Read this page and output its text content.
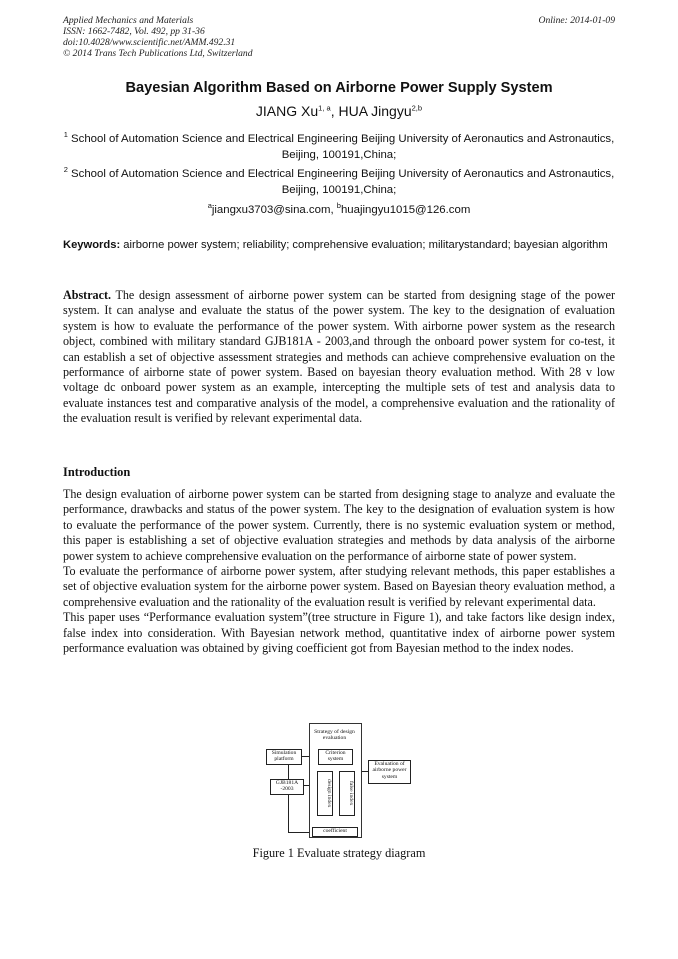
Applied Mechanics and Materials
ISSN: 1662-7482, Vol. 492, pp 31-36
doi:10.4028/www.scientific.net/AMM.492.31
© 2014 Trans Tech Publications Ltd, Switzerland
Online: 2014-01-09
Bayesian Algorithm Based on Airborne Power Supply System
JIANG Xu$^{1, a}$, HUA Jingyu$^{2,b}$
$^1$ School of Automation Science and Electrical Engineering Beijing University of Aeronautics and Astronautics, Beijing, 100191,China;
$^2$ School of Automation Science and Electrical Engineering Beijing University of Aeronautics and Astronautics, Beijing, 100191,China;
$^a$jiangxu3703@sina.com, $^b$huajingyu1015@126.com
Keywords: airborne power system; reliability; comprehensive evaluation; militarystandard; bayesian algorithm
Abstract. The design assessment of airborne power system can be started from designing stage of the power system. It can analyse and evaluate the status of the power system. The key to the designation of evaluation system is how to evaluate the performance of the power system. With airborne power system as the research object, combined with military standard GJB181A - 2003,and through the onboard power system for co-test, it can establish a set of objective assessment strategies and methods can achieve comprehensive evaluation on the performance of airborne state of power system. Based on bayesian theory evaluation method. With 28 v low voltage dc onboard power system as an example, intercepting the multiple sets of test and analysis data to evaluate instances test and comparative analysis of the model, a comprehensive evaluation and the rationality of the evaluation result is verified by relevant experimental data.
Introduction
The design evaluation of airborne power system can be started from designing stage to analyze and evaluate the performance, drawbacks and status of the power system. The key to the designation of evaluation system is how to evaluate the performance of the power system. Currently, there is no systemic evaluation system or method, this paper is establishing a set of objective evaluation strategies and methods by data analysis of the airborne power system to achieve comprehensive evaluation on the performance of airborne state of power system.
To evaluate the performance of airborne power system, after studying relevant methods, this paper establishes a set of objective evaluation system for the airborne power system. Based on Bayesian theory evaluation method, a comprehensive evaluation and the rationality of the evaluation result is verified by relevant experimental data.
This paper uses “Performance evaluation system”(tree structure in Figure 1), and take factors like design index, false index into consideration. With Bayesian network method, quantitative index of airborne power system performance evaluation was obtained by giving coefficient got from Bayesian method to the index nodes.
Strategy of design evaluation
Criterion system
Simulation platform
GJB181A -2003	design index	false index
Evaluation of airborne power system
coefficient
Figure 1 Evaluate strategy diagram
